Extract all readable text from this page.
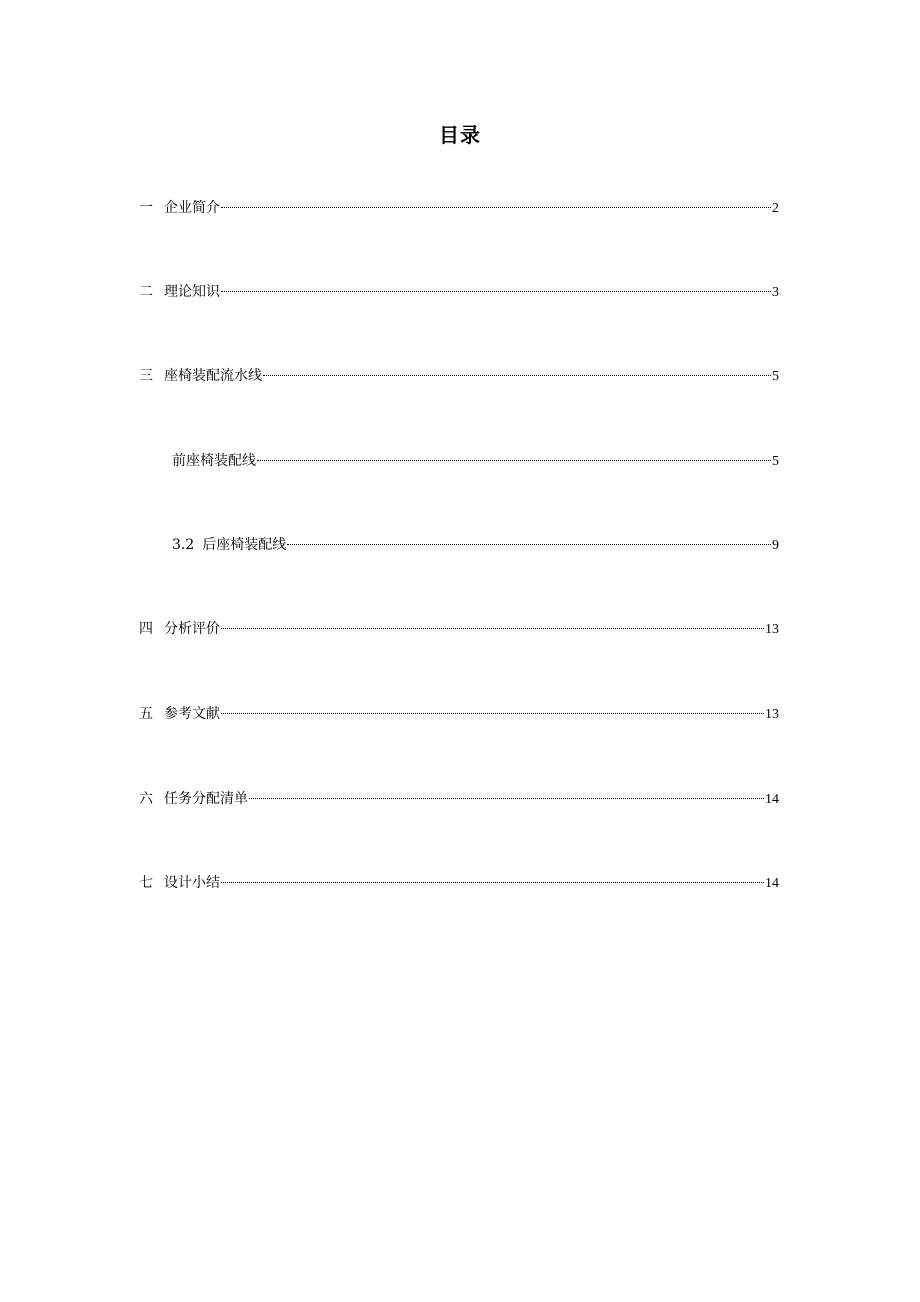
目录
一 企业简介	2
二 理论知识	3
三 座椅装配流水线	5
前座椅装配线	5
3.2 后座椅装配线	9
四 分析评价	13
五 参考文献	13
六 任务分配清单	14
七 设计小结	14
